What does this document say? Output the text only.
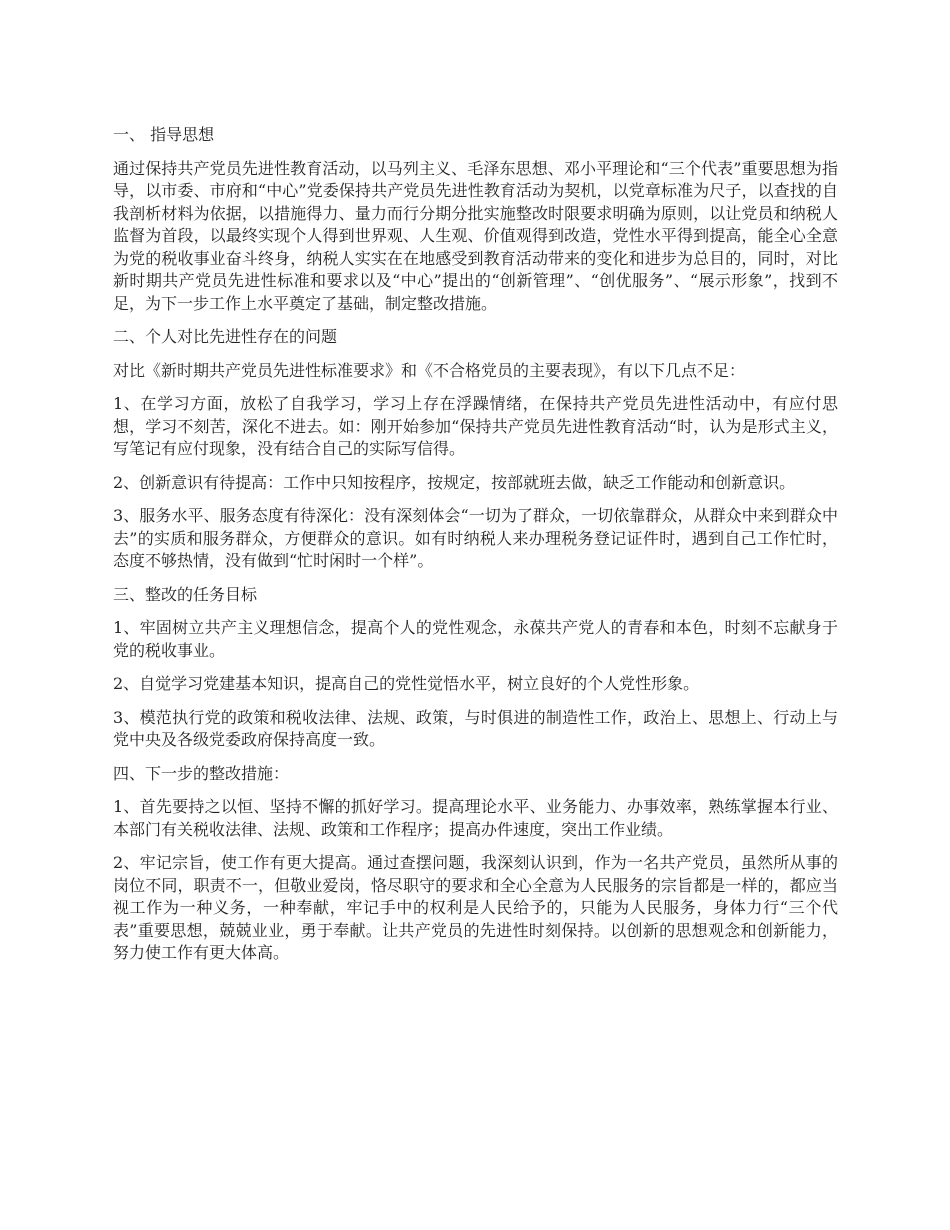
一、 指导思想

通过保持共产党员先进性教育活动，以马列主义、毛泽东思想、邓小平理论和“三个代表”重要思想为指导，以市委、市府和“中心”党委保持共产党员先进性教育活动为契机，以党章标准为尺子，以查找的自我剖析材料为依据，以措施得力、量力而行分期分批实施整改时限要求明确为原则，以让党员和纳税人监督为首段，以最终实现个人得到世界观、人生观、价值观得到改造，党性水平得到提高，能全心全意为党的税收事业奋斗终身，纳税人实实在在地感受到教育活动带来的变化和进步为总目的，同时，对比新时期共产党员先进性标准和要求以及“中心”提出的“创新管理”、“创优服务”、“展示形象”，找到不足，为下一步工作上水平奠定了基础，制定整改措施。

二、个人对比先进性存在的问题

对比《新时期共产党员先进性标准要求》和《不合格党员的主要表现》，有以下几点不足：

1、在学习方面，放松了自我学习，学习上存在浮躁情绪，在保持共产党员先进性活动中，有应付思想，学习不刻苦，深化不进去。如：刚开始参加“保持共产党员先进性教育活动“时，认为是形式主义，写笔记有应付现象，没有结合自己的实际写信得。

2、创新意识有待提高：工作中只知按程序，按规定，按部就班去做，缺乏工作能动和创新意识。

3、服务水平、服务态度有待深化：没有深刻体会“一切为了群众，一切依靠群众，从群众中来到群众中去”的实质和服务群众，方便群众的意识。如有时纳税人来办理税务登记证件时，遇到自己工作忙时，态度不够热情，没有做到“忙时闲时一个样”。

三、整改的任务目标

1、牢固树立共产主义理想信念，提高个人的党性观念，永葆共产党人的青春和本色，时刻不忘献身于党的税收事业。

2、自觉学习党建基本知识，提高自己的党性觉悟水平，树立良好的个人党性形象。

3、模范执行党的政策和税收法律、法规、政策，与时俱进的制造性工作，政治上、思想上、行动上与党中央及各级党委政府保持高度一致。

四、下一步的整改措施：

1、首先要持之以恒、坚持不懈的抓好学习。提高理论水平、业务能力、办事效率，熟练掌握本行业、本部门有关税收法律、法规、政策和工作程序；提高办件速度，突出工作业绩。

2、牢记宗旨，使工作有更大提高。通过查摆问题，我深刻认识到，作为一名共产党员，虽然所从事的岗位不同，职责不一，但敬业爱岗，恪尽职守的要求和全心全意为人民服务的宗旨都是一样的，都应当视工作为一种义务，一种奉献，牢记手中的权利是人民给予的，只能为人民服务，身体力行“三个代表”重要思想，兢兢业业，勇于奉献。让共产党员的先进性时刻保持。以创新的思想观念和创新能力，努力使工作有更大体高。
